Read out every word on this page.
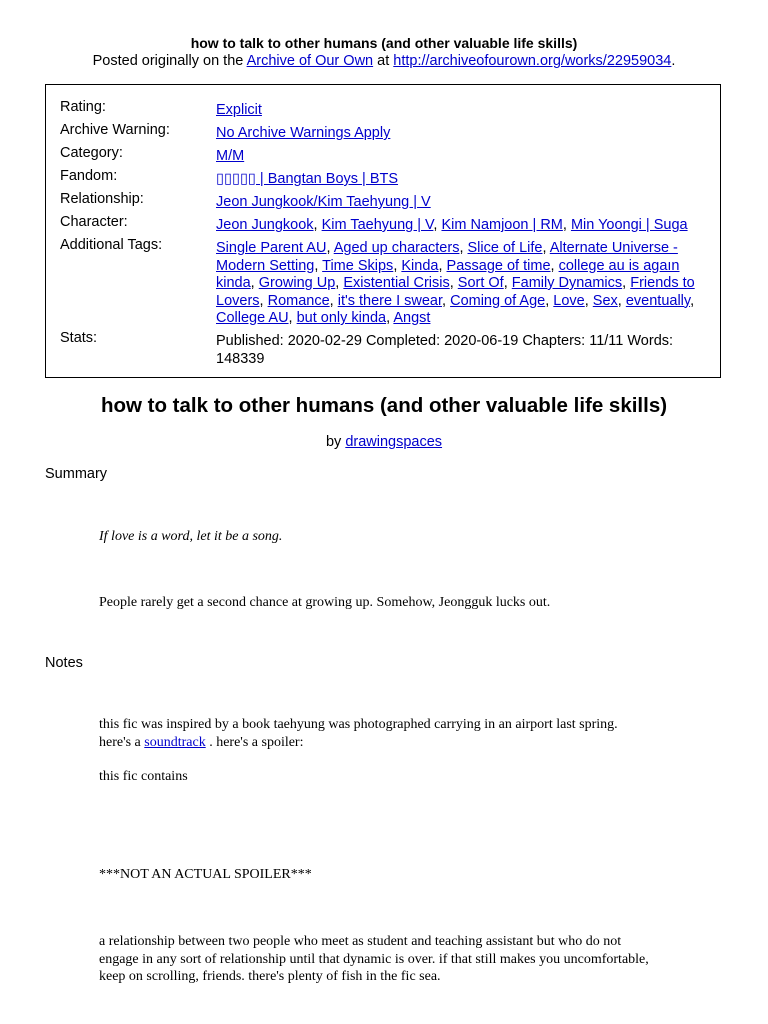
how to talk to other humans (and other valuable life skills)
Posted originally on the Archive of Our Own at http://archiveofourown.org/works/22959034.
Rating:	Explicit
Archive Warning:	No Archive Warnings Apply
Category:	M/M
Fandom:	▯▯▯▯▯ | Bangtan Boys | BTS
Relationship:	Jeon Jungkook/Kim Taehyung | V
Character:	Jeon Jungkook, Kim Taehyung | V, Kim Namjoon | RM, Min Yoongi | Suga
Additional Tags:	Single Parent AU, Aged up characters, Slice of Life, Alternate Universe - Modern Setting, Time Skips, Kinda, Passage of time, college au is agaın kinda, Growing Up, Existential Crisis, Sort Of, Family Dynamics, Friends to Lovers, Romance, it's there I swear, Coming of Age, Love, Sex, eventually, College AU, but only kinda, Angst
Stats:	Published: 2020-02-29 Completed: 2020-06-19 Chapters: 11/11 Words: 148339
how to talk to other humans (and other valuable life skills)
by drawingspaces
Summary
If love is a word, let it be a song.
People rarely get a second chance at growing up. Somehow, Jeongguk lucks out.
Notes
this fic was inspired by a book taehyung was photographed carrying in an airport last spring. here's a soundtrack . here's a spoiler:
this fic contains
***NOT AN ACTUAL SPOILER***
a relationship between two people who meet as student and teaching assistant but who do not engage in any sort of relationship until that dynamic is over. if that still makes you uncomfortable, keep on scrolling, friends. there's plenty of fish in the fic sea.
